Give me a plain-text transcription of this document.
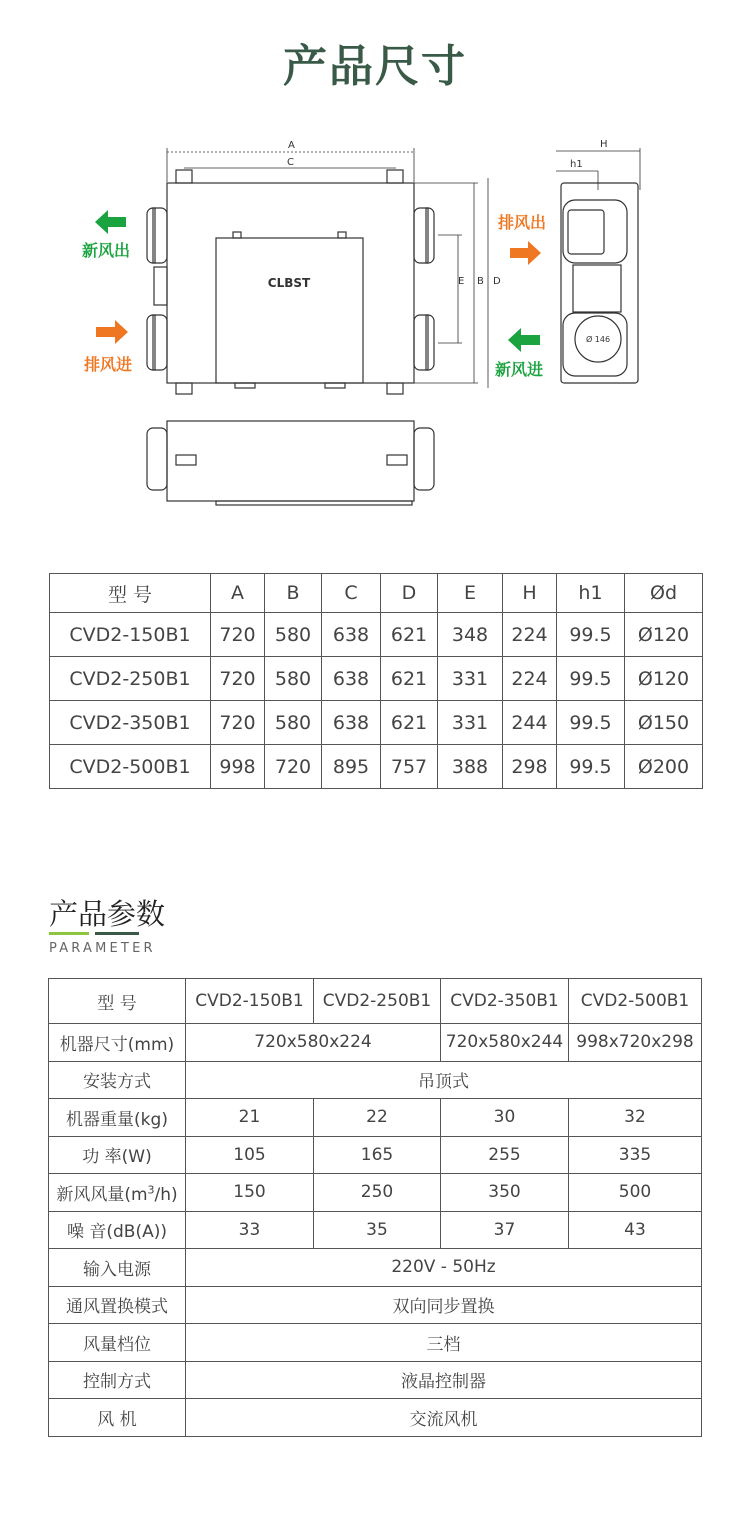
产品尺寸
A
C
E B D
H
h1
CLBST
Ø 146
新风出
排风进
排风出
新风进
型 号	A	B	C	D	E	H	h1	Ød
CVD2-150B1	720	580	638	621	348	224	99.5	Ø120
CVD2-250B1	720	580	638	621	331	224	99.5	Ø120
CVD2-350B1	720	580	638	621	331	244	99.5	Ø150
CVD2-500B1	998	720	895	757	388	298	99.5	Ø200
产品参数
PARAMETER
型 号	CVD2-150B1	CVD2-250B1	CVD2-350B1	CVD2-500B1
机器尺寸(mm)	720x580x224		720x580x244	998x720x298
安装方式	吊顶式			
机器重量(kg)	21	22	30	32
功 率(W)	105	165	255	335
新风风量$(m^3/h)$	150	250	350	500
噪 音(dB(A))	33	35	37	43
输入电源	220V - 50Hz			
通风置换模式	双向同步置换			
风量档位	三档			
控制方式	液晶控制器			
风 机	交流风机			
